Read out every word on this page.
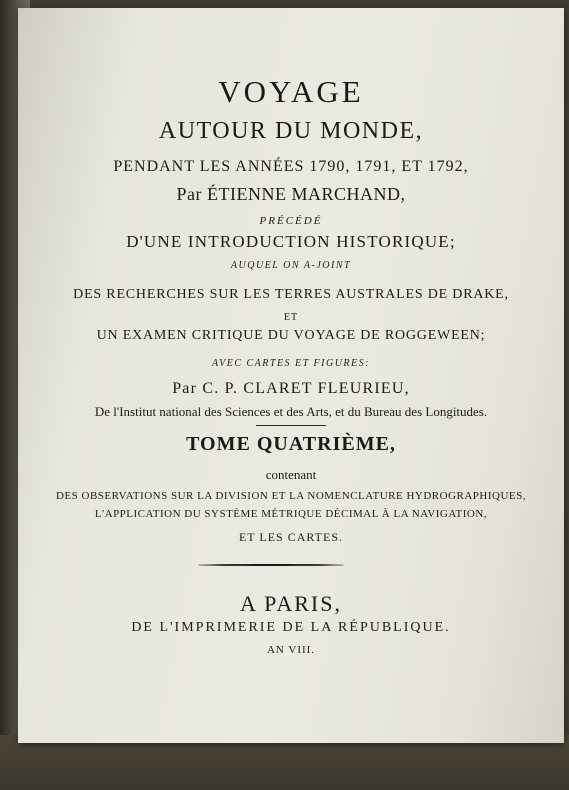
VOYAGE
AUTOUR DU MONDE,
PENDANT LES ANNÉES 1790, 1791, ET 1792,
Par ÉTIENNE MARCHAND,
PRÉCÉDÉ
D'UNE INTRODUCTION HISTORIQUE;
AUQUEL ON A-JOINT
DES RECHERCHES SUR LES TERRES AUSTRALES DE DRAKE,
ET
UN EXAMEN CRITIQUE DU VOYAGE DE ROGGEWEEN;
AVEC CARTES ET FIGURES:
Par C. P. CLARET FLEURIEU,
De l'Institut national des Sciences et des Arts, et du Bureau des Longitudes.
TOME QUATRIÈME,
contenant
DES OBSERVATIONS SUR LA DIVISION ET LA NOMENCLATURE HYDROGRAPHIQUES,
L'APPLICATION DU SYSTÈME MÉTRIQUE DÉCIMAL À LA NAVIGATION,
ET LES CARTES.
A PARIS,
DE L'IMPRIMERIE DE LA RÉPUBLIQUE.
AN VIII.
